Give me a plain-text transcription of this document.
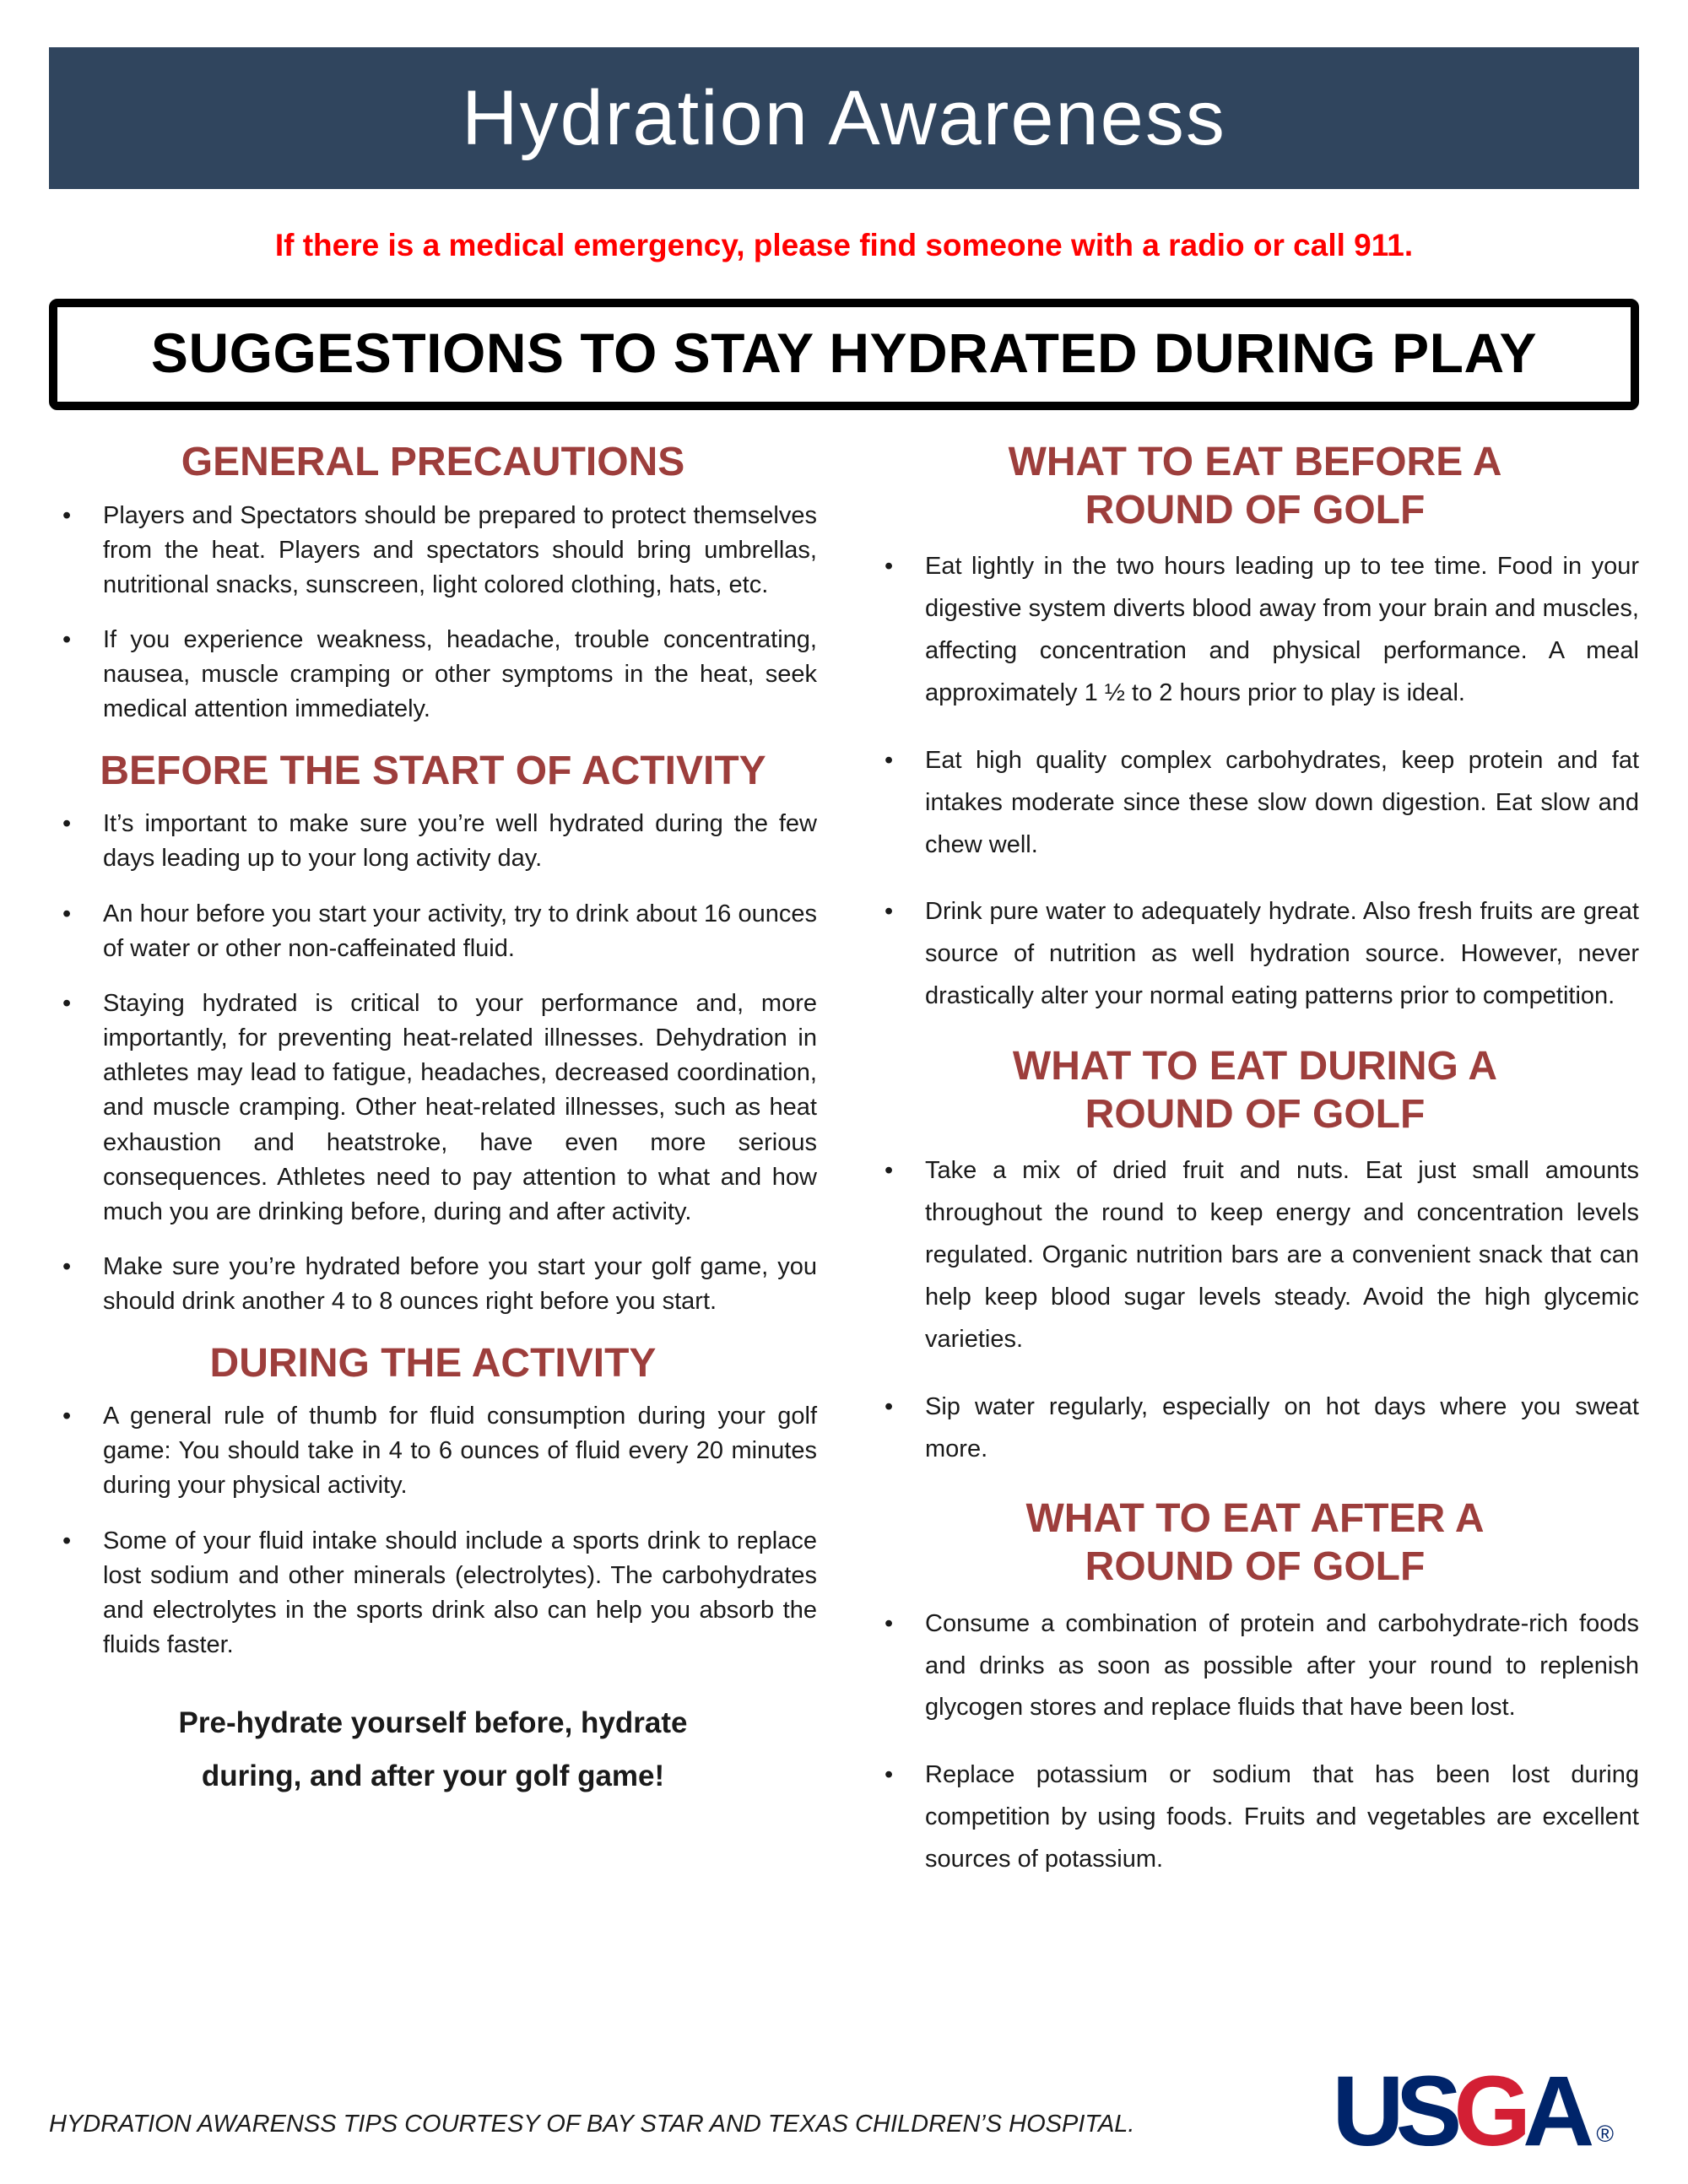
Hydration Awareness

If there is a medical emergency, please find someone with a radio or call 911.

SUGGESTIONS TO STAY HYDRATED DURING PLAY
GENERAL PRECAUTIONS
• Players and Spectators should be prepared to protect themselves from the heat. Players and spectators should bring umbrellas, nutritional snacks, sunscreen, light colored clothing, hats, etc.
• If you experience weakness, headache, trouble concentrating, nausea, muscle cramping or other symptoms in the heat, seek medical attention immediately.
BEFORE THE START OF ACTIVITY
• It’s important to make sure you’re well hydrated during the few days leading up to your long activity day.
• An hour before you start your activity, try to drink about 16 ounces of water or other non-caffeinated fluid.
• Staying hydrated is critical to your performance and, more importantly, for preventing heat-related illnesses. Dehydration in athletes may lead to fatigue, headaches, decreased coordination, and muscle cramping. Other heat-related illnesses, such as heat exhaustion and heatstroke, have even more serious consequences. Athletes need to pay attention to what and how much you are drinking before, during and after activity.
• Make sure you’re hydrated before you start your golf game, you should drink another 4 to 8 ounces right before you start.
DURING THE ACTIVITY
• A general rule of thumb for fluid consumption during your golf game: You should take in 4 to 6 ounces of fluid every 20 minutes during your physical activity.
• Some of your fluid intake should include a sports drink to replace lost sodium and other minerals (electrolytes). The carbohydrates and electrolytes in the sports drink also can help you absorb the fluids faster.

Pre-hydrate yourself before, hydrate during, and after your golf game!

WHAT TO EAT BEFORE A ROUND OF GOLF
• Eat lightly in the two hours leading up to tee time. Food in your digestive system diverts blood away from your brain and muscles, affecting concentration and physical performance. A meal approximately 1 ½ to 2 hours prior to play is ideal.
• Eat high quality complex carbohydrates, keep protein and fat intakes moderate since these slow down digestion. Eat slow and chew well.
• Drink pure water to adequately hydrate. Also fresh fruits are great source of nutrition as well hydration source. However, never drastically alter your normal eating patterns prior to competition.
WHAT TO EAT DURING A ROUND OF GOLF
• Take a mix of dried fruit and nuts. Eat just small amounts throughout the round to keep energy and concentration levels regulated. Organic nutrition bars are a convenient snack that can help keep blood sugar levels steady. Avoid the high glycemic varieties.
• Sip water regularly, especially on hot days where you sweat more.
WHAT TO EAT AFTER A ROUND OF GOLF
• Consume a combination of protein and carbohydrate-rich foods and drinks as soon as possible after your round to replenish glycogen stores and replace fluids that have been lost.
• Replace potassium or sodium that has been lost during competition by using foods. Fruits and vegetables are excellent sources of potassium.

HYDRATION AWARENSS TIPS COURTESY OF BAY STAR AND TEXAS CHILDREN’S HOSPITAL. USGA ®
